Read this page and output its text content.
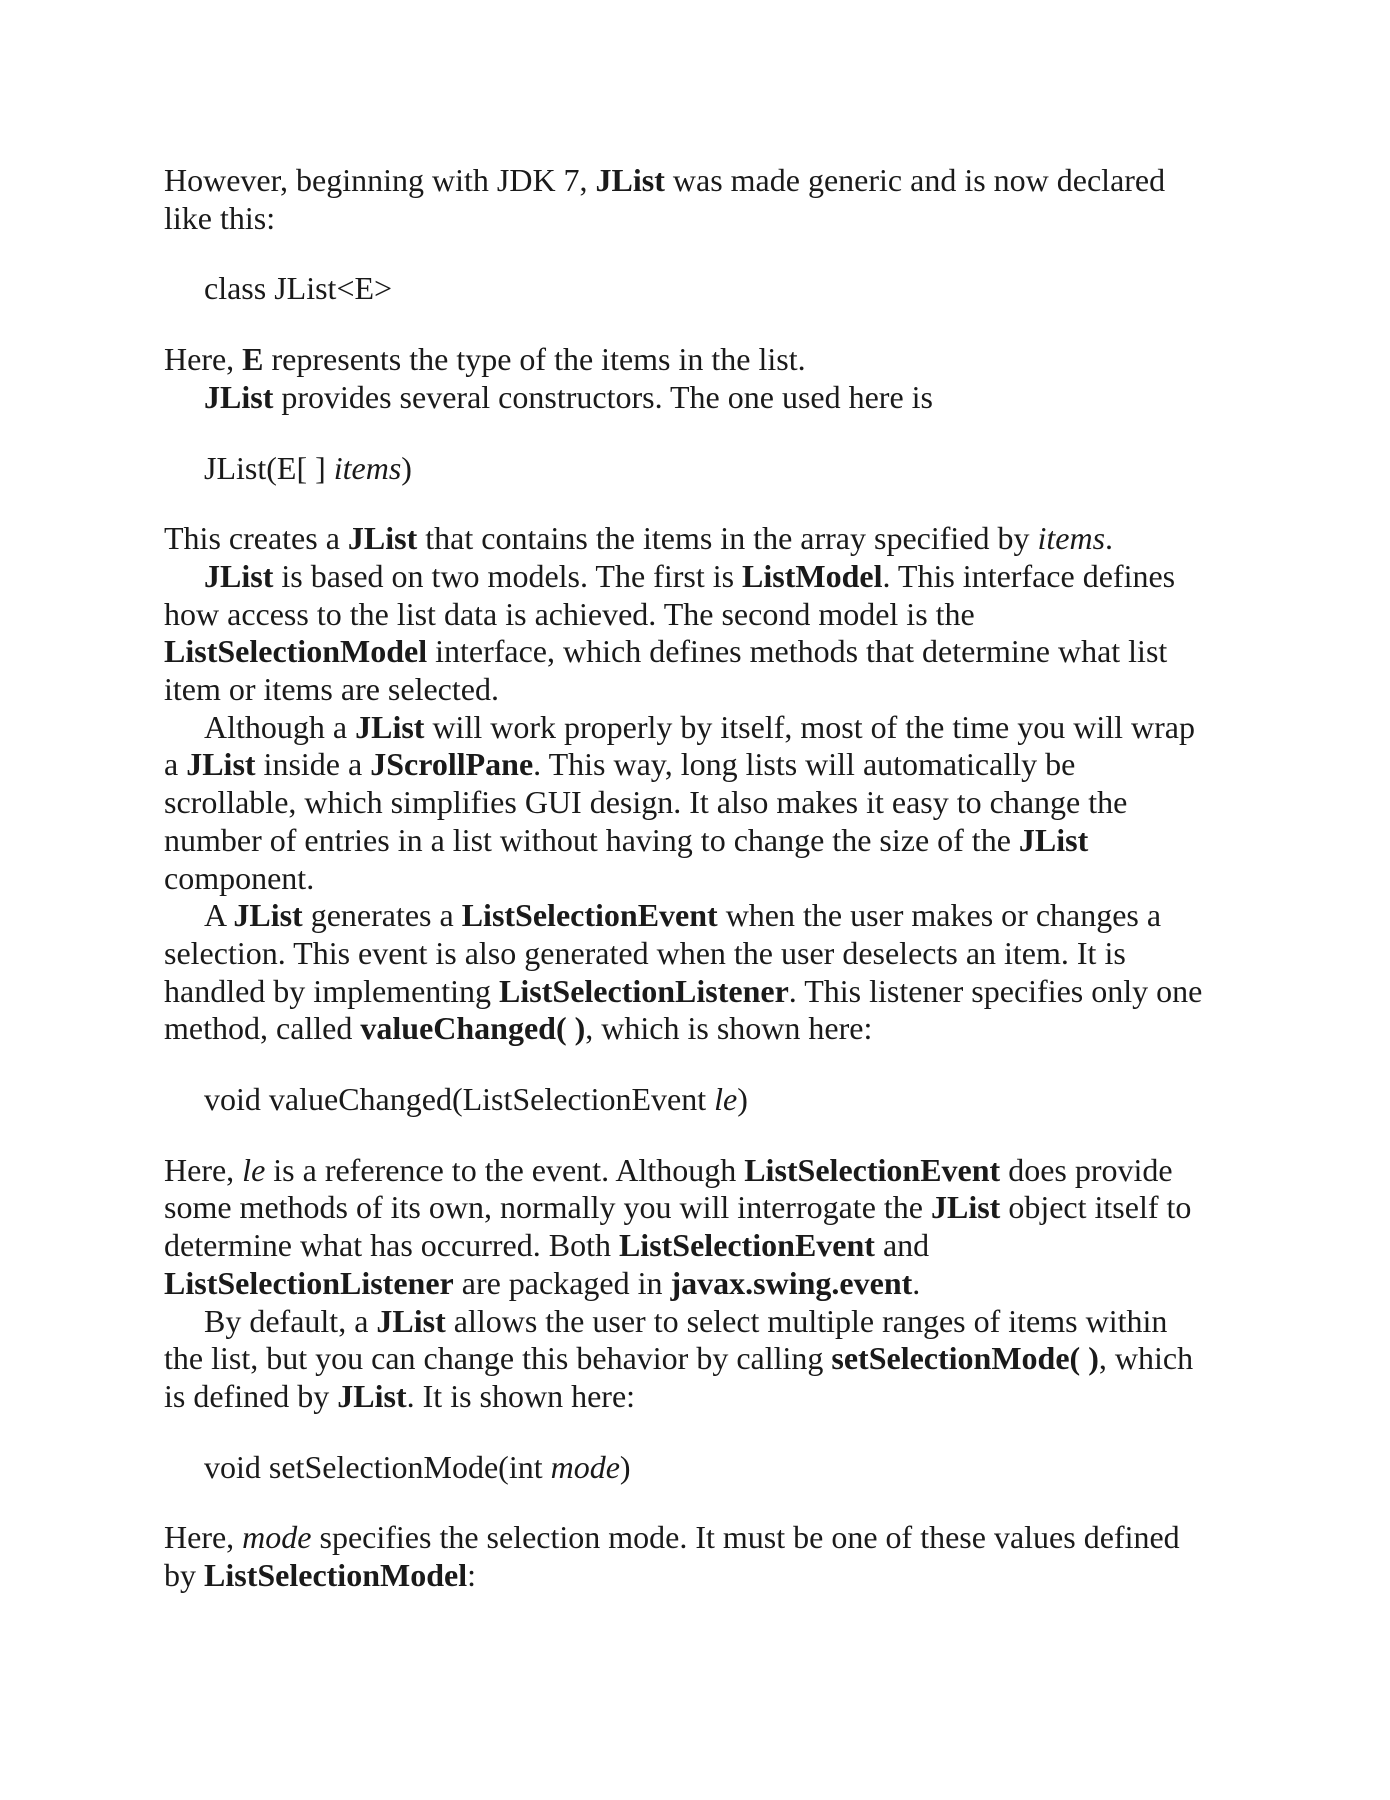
However, beginning with JDK 7, JList was made generic and is now declared
like this:
class JList<E>
Here, E represents the type of the items in the list.
JList provides several constructors. The one used here is
JList(E[ ] items)
This creates a JList that contains the items in the array specified by items.
JList is based on two models. The first is ListModel. This interface defines
how access to the list data is achieved. The second model is the
ListSelectionModel interface, which defines methods that determine what list
item or items are selected.
Although a JList will work properly by itself, most of the time you will wrap
a JList inside a JScrollPane. This way, long lists will automatically be
scrollable, which simplifies GUI design. It also makes it easy to change the
number of entries in a list without having to change the size of the JList
component.
A JList generates a ListSelectionEvent when the user makes or changes a
selection. This event is also generated when the user deselects an item. It is
handled by implementing ListSelectionListener. This listener specifies only one
method, called valueChanged( ), which is shown here:
void valueChanged(ListSelectionEvent le)
Here, le is a reference to the event. Although ListSelectionEvent does provide
some methods of its own, normally you will interrogate the JList object itself to
determine what has occurred. Both ListSelectionEvent and
ListSelectionListener are packaged in javax.swing.event.
By default, a JList allows the user to select multiple ranges of items within
the list, but you can change this behavior by calling setSelectionMode( ), which
is defined by JList. It is shown here:
void setSelectionMode(int mode)
Here, mode specifies the selection mode. It must be one of these values defined
by ListSelectionModel:
